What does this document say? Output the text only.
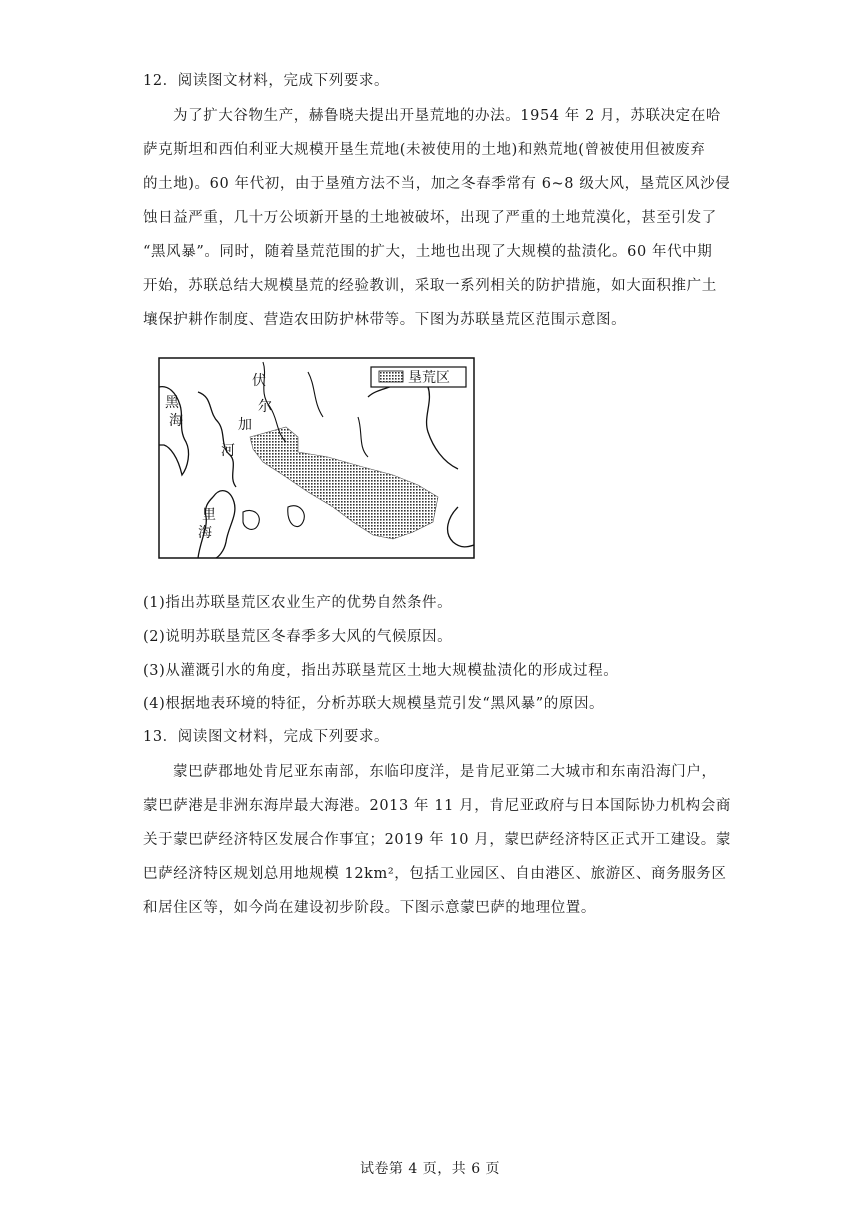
12．阅读图文材料，完成下列要求。
为了扩大谷物生产，赫鲁晓夫提出开垦荒地的办法。1954 年 2 月，苏联决定在哈
萨克斯坦和西伯利亚大规模开垦生荒地(未被使用的土地)和熟荒地(曾被使用但被废弃
的土地)。60 年代初，由于垦殖方法不当，加之冬春季常有 6~8 级大风，垦荒区风沙侵
蚀日益严重，几十万公顷新开垦的土地被破坏，出现了严重的土地荒漠化，甚至引发了
“黑风暴”。同时，随着垦荒范围的扩大，土地也出现了大规模的盐渍化。60 年代中期
开始，苏联总结大规模垦荒的经验教训，采取一系列相关的防护措施，如大面积推广土
壤保护耕作制度、营造农田防护林带等。下图为苏联垦荒区范围示意图。
垦荒区
伏
尔
加
河
黑
海
里
海
(1)指出苏联垦荒区农业生产的优势自然条件。
(2)说明苏联垦荒区冬春季多大风的气候原因。
(3)从灌溉引水的角度，指出苏联垦荒区土地大规模盐渍化的形成过程。
(4)根据地表环境的特征，分析苏联大规模垦荒引发“黑风暴”的原因。
13．阅读图文材料，完成下列要求。
蒙巴萨郡地处肯尼亚东南部，东临印度洋，是肯尼亚第二大城市和东南沿海门户，
蒙巴萨港是非洲东海岸最大海港。2013 年 11 月，肯尼亚政府与日本国际协力机构会商
关于蒙巴萨经济特区发展合作事宜；2019 年 10 月，蒙巴萨经济特区正式开工建设。蒙
巴萨经济特区规划总用地规模 12km²，包括工业园区、自由港区、旅游区、商务服务区
和居住区等，如今尚在建设初步阶段。下图示意蒙巴萨的地理位置。
试卷第 4 页，共 6 页
